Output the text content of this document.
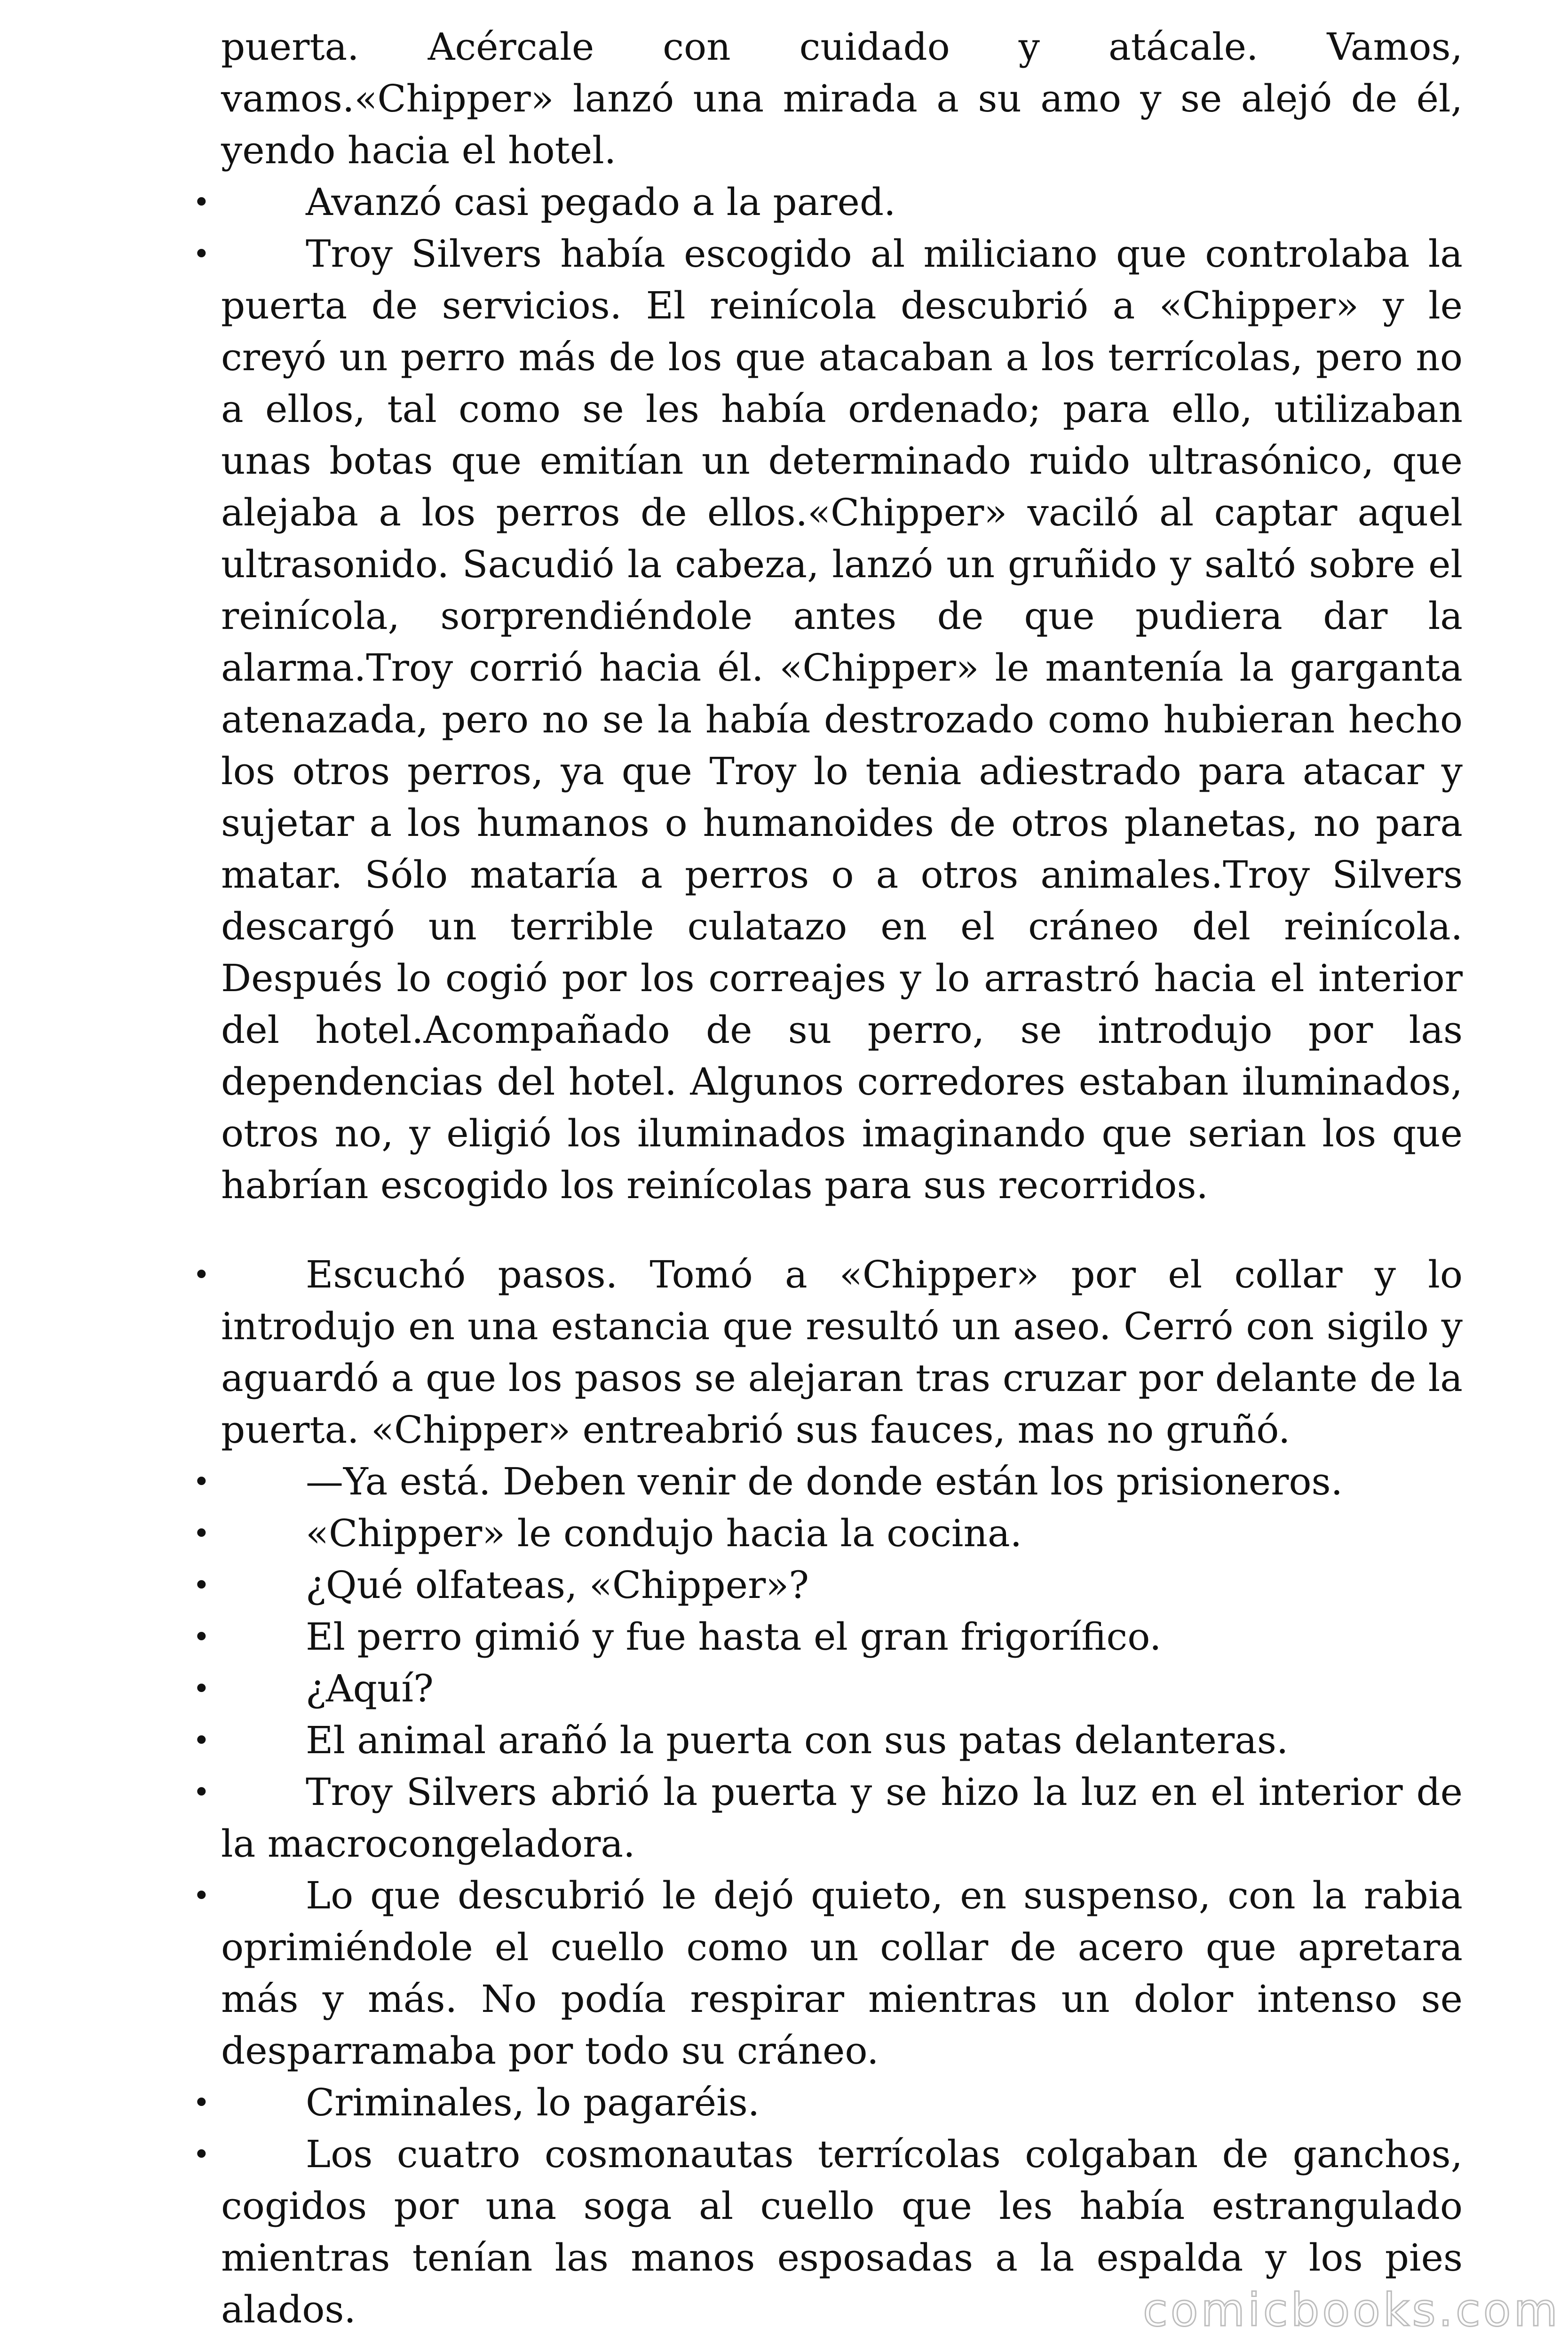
puerta. Acércale con cuidado y atácale. Vamos, vamos.«Chipper» lanzó una mirada a su amo y se alejó de él, yendo hacia el hotel.

•	Avanzó casi pegado a la pared.

•	Troy Silvers había escogido al miliciano que controlaba la puerta de servicios. El reinícola descubrió a «Chipper» y le creyó un perro más de los que atacaban a los terrícolas, pero no a ellos, tal como se les había ordenado; para ello, utilizaban unas botas que emitían un determinado ruido ultrasónico, que alejaba a los perros de ellos.«Chipper» vaciló al captar aquel ultrasonido. Sacudió la cabeza, lanzó un gruñido y saltó sobre el reinícola, sorprendiéndole antes de que pudiera dar la alarma.Troy corrió hacia él. «Chipper» le mantenía la garganta atenazada, pero no se la había destrozado como hubieran hecho los otros perros, ya que Troy lo tenia adiestrado para atacar y sujetar a los humanos o humanoides de otros planetas, no para matar. Sólo mataría a perros o a otros animales.Troy Silvers descargó un terrible culatazo en el cráneo del reinícola. Después lo cogió por los correajes y lo arrastró hacia el interior del hotel.Acompañado de su perro, se introdujo por las dependencias del hotel. Algunos corredores estaban iluminados, otros no, y eligió los iluminados imaginando que serian los que habrían escogido los reinícolas para sus recorridos.

•	Escuchó pasos. Tomó a «Chipper» por el collar y lo introdujo en una estancia que resultó un aseo. Cerró con sigilo y aguardó a que los pasos se alejaran tras cruzar por delante de la puerta. «Chipper» entreabrió sus fauces, mas no gruñó.

•	—Ya está. Deben venir de donde están los prisioneros.

•	«Chipper» le condujo hacia la cocina.

•	¿Qué olfateas, «Chipper»?

•	El perro gimió y fue hasta el gran frigorífico.

•	¿Aquí?

•	El animal arañó la puerta con sus patas delanteras.

•	Troy Silvers abrió la puerta y se hizo la luz en el interior de la macrocongeladora.

•	Lo que descubrió le dejó quieto, en suspenso, con la rabia oprimiéndole el cuello como un collar de acero que apretara más y más. No podía respirar mientras un dolor intenso se desparramaba por todo su cráneo.

•	Criminales, lo pagaréis.

•	Los cuatro cosmonautas terrícolas colgaban de ganchos, cogidos por una soga al cuello que les había estrangulado mientras tenían las manos esposadas a la espalda y los pies alados.	comicbooks.com
